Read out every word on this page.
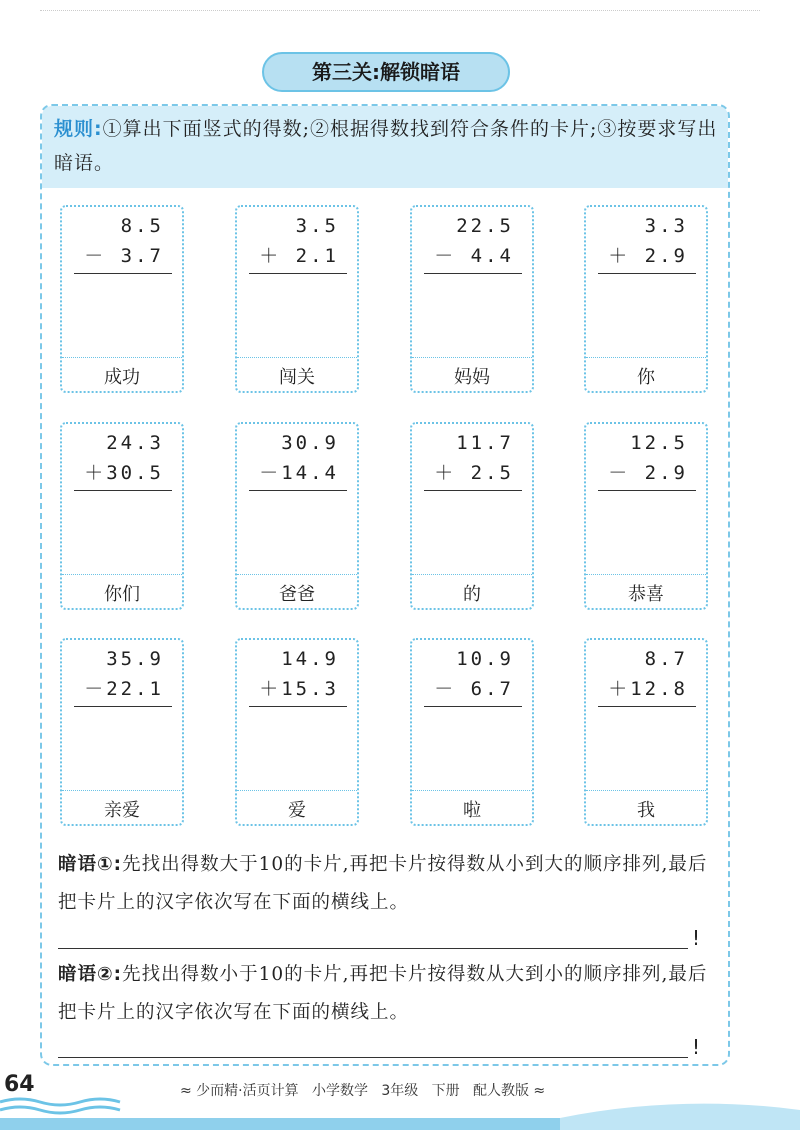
第三关:解锁暗语
规则:①算出下面竖式的得数;②根据得数找到符合条件的卡片;③按要求写出暗语。
8.5
－ 3.7
成功
3.5
＋ 2.1
闯关
22.5
－ 4.4
妈妈
3.3
＋ 2.9
你
24.3
＋30.5
你们
30.9
－14.4
爸爸
11.7
＋ 2.5
的
12.5
－ 2.9
恭喜
35.9
－22.1
亲爱
14.9
＋15.3
爱
10.9
－ 6.7
啦
8.7
＋12.8
我
暗语①:先找出得数大于10的卡片,再把卡片按得数从小到大的顺序排列,最后把卡片上的汉字依次写在下面的横线上。
!
暗语②:先找出得数小于10的卡片,再把卡片按得数从大到小的顺序排列,最后把卡片上的汉字依次写在下面的横线上。
!
64	≈ 少而精·活页计算   小学数学   3年级   下册   配人教版 ≈
